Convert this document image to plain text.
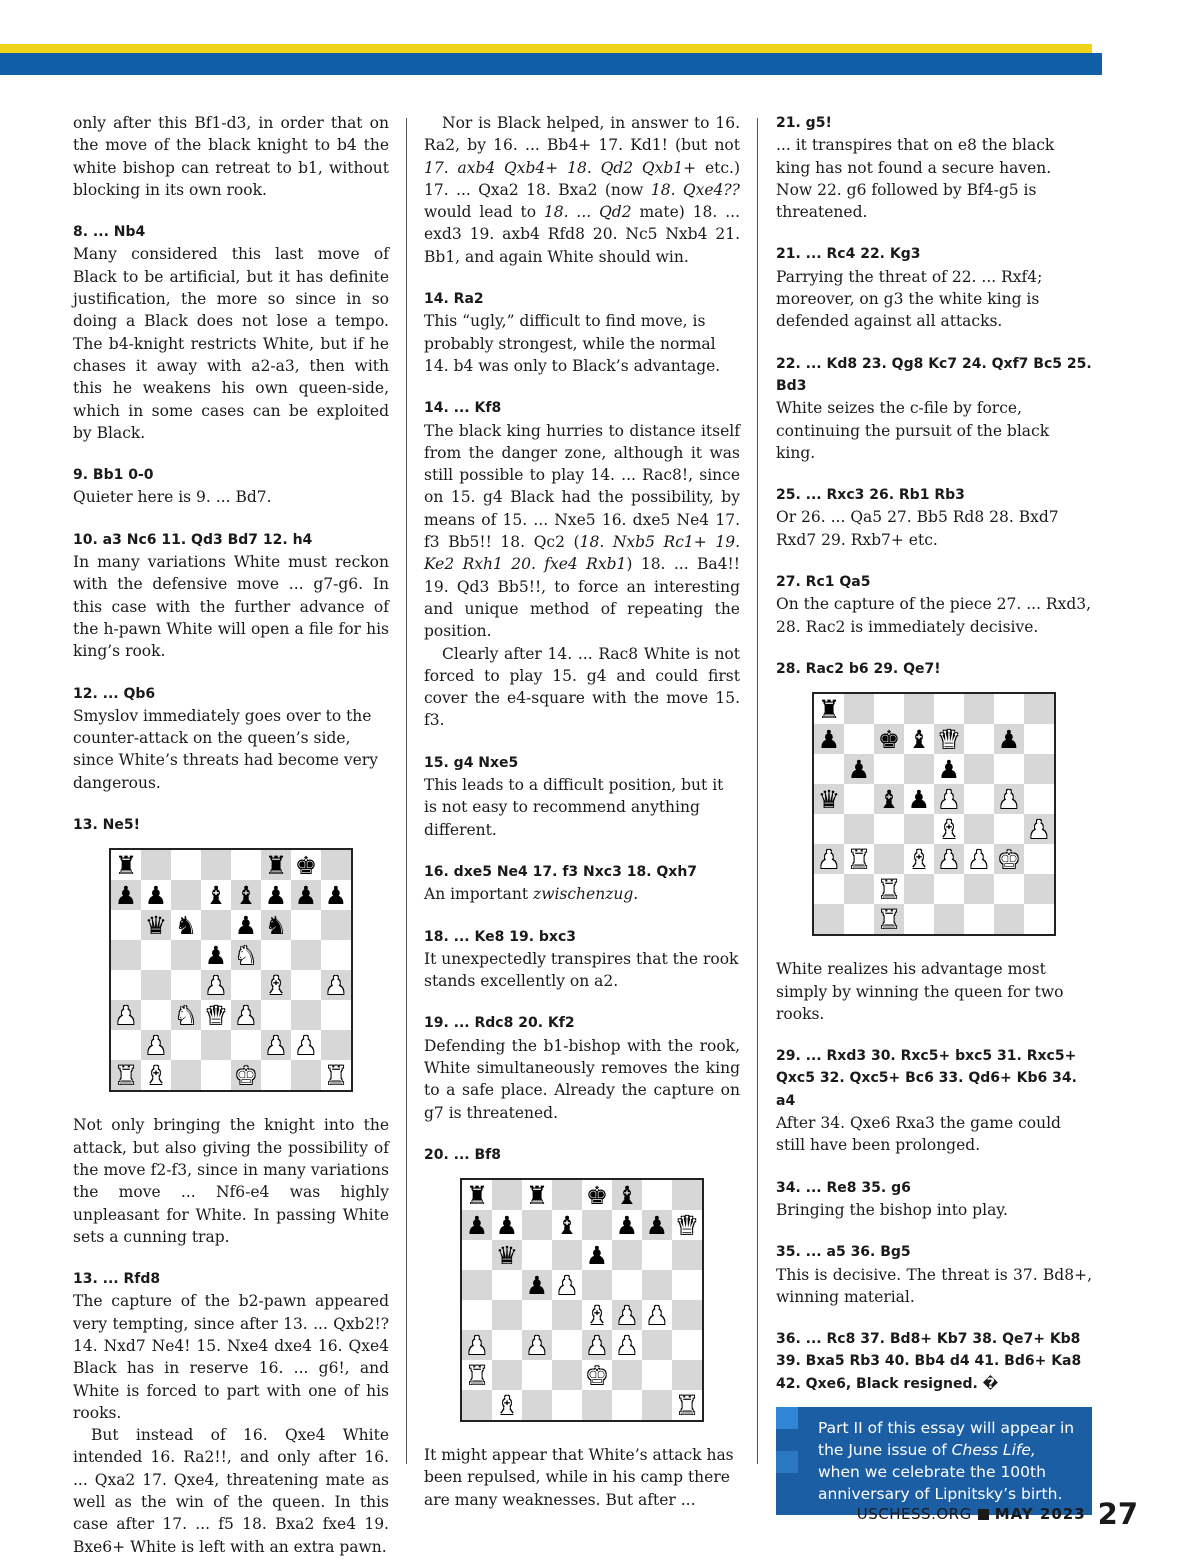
only after this Bf1-d3, in order that on the move of the black knight to b4 the white bishop can retreat to b1, without blocking in its own rook.

8. ... Nb4

Many considered this last move of Black to be artificial, but it has definite justification, the more so since in so doing a Black does not lose a tempo. The b4-knight restricts White, but if he chases it away with a2-a3, then with this he weakens his own queen-side, which in some cases can be exploited by Black.

9. Bb1 0-0

Quieter here is 9. ... Bd7.

10. a3 Nc6 11. Qd3 Bd7 12. h4

In many variations White must reckon with the defensive move ... g7-g6. In this case with the further advance of the h-pawn White will open a file for his king’s rook.

12. ... Qb6

Smyslov immediately goes over to the counter-attack on the queen’s side, since White’s threats had become very dangerous.

13. Ne5!

♜	♜ ♚
♟ ♟ ♝ ♝ ♟ ♟ ♟
♛ ♞ ♟ ♞
♟ ♞
♟ ♝ ♟
♟ ♞ ♛ ♟
♟	♟ ♟
♜ ♝	♚	♜

Not only bringing the knight into the attack, but also giving the possibility of the move f2-f3, since in many variations the move ... Nf6-e4 was highly unpleasant for White. In passing White sets a cunning trap.

13. ... Rfd8

The capture of the b2-pawn appeared very tempting, since after 13. ... Qxb2!? 14. Nxd7 Ne4! 15. Nxe4 dxe4 16. Qxe4 Black has in reserve 16. ... g6!, and White is forced to part with one of his rooks.

But instead of 16. Qxe4 White intended 16. Ra2!!, and only after 16. ... Qxa2 17. Qxe4, threatening mate as well as the win of the queen. In this case after 17. ... f5 18. Bxa2 fxe4 19. Bxe6+ White is left with an extra pawn.

Nor is Black helped, in answer to 16. Ra2, by 16. ... Bb4+ 17. Kd1! (but not 17. axb4 Qxb4+ 18. Qd2 Qxb1+ etc.) 17. ... Qxa2 18. Bxa2 (now 18. Qxe4?? would lead to 18. ... Qd2 mate) 18. ... exd3 19. axb4 Rfd8 20. Nc5 Nxb4 21. Bb1, and again White should win.

14. Ra2

This “ugly,” difficult to find move, is probably strongest, while the normal 14. b4 was only to Black’s advantage.

14. ... Kf8

The black king hurries to distance itself from the danger zone, although it was still possible to play 14. ... Rac8!, since on 15. g4 Black had the possibility, by means of 15. ... Nxe5 16. dxe5 Ne4 17. f3 Bb5!! 18. Qc2 (18. Nxb5 Rc1+ 19. Ke2 Rxh1 20. fxe4 Rxb1) 18. ... Ba4!! 19. Qd3 Bb5!!, to force an interesting and unique method of repeating the position.

Clearly after 14. ... Rac8 White is not forced to play 15. g4 and could first cover the e4-square with the move 15. f3.

15. g4 Nxe5

This leads to a difficult position, but it is not easy to recommend anything different.

16. dxe5 Ne4 17. f3 Nxc3 18. Qxh7

An important zwischenzug.

18. ... Ke8 19. bxc3

It unexpectedly transpires that the rook stands excellently on a2.

19. ... Rdc8 20. Kf2

Defending the b1-bishop with the rook, White simultaneously removes the king to a safe place. Already the capture on g7 is threatened.

20. ... Bf8

♜ ♜ ♚ ♝
♟ ♟ ♝ ♟ ♟ ♛
♛	♟
♟ ♟
♝ ♟ ♟
♟ ♟ ♟ ♟
♜	♚
♝	♜

It might appear that White’s attack has been repulsed, while in his camp there are many weaknesses. But after ...

21. g5!

... it transpires that on e8 the black king has not found a secure haven. Now 22. g6 followed by Bf4-g5 is threatened.

21. ... Rc4 22. Kg3

Parrying the threat of 22. ... Rxf4; moreover, on g3 the white king is defended against all attacks.

22. ... Kd8 23. Qg8 Kc7 24. Qxf7 Bc5 25. Bd3

White seizes the c-file by force, continuing the pursuit of the black king.

25. ... Rxc3 26. Rb1 Rb3

Or 26. ... Qa5 27. Bb5 Rd8 28. Bxd7 Rxd7 29. Rxb7+ etc.

27. Rc1 Qa5

On the capture of the piece 27. ... Rxd3, 28. Rac2 is immediately decisive.

28. Rac2 b6 29. Qe7!

♜
♟ ♚ ♝ ♛ ♟
♟	♟
♛ ♝ ♟ ♟ ♟
♝	♟
♟ ♜ ♝ ♟ ♟ ♚
♜
♜

White realizes his advantage most simply by winning the queen for two rooks.

29. ... Rxd3 30. Rxc5+ bxc5 31. Rxc5+ Qxc5 32. Qxc5+ Bc6 33. Qd6+ Kb6 34. a4

After 34. Qxe6 Rxa3 the game could still have been prolonged.

34. ... Re8 35. g6

Bringing the bishop into play.

35. ... a5 36. Bg5

This is decisive. The threat is 37. Bd8+, winning material.

36. ... Rc8 37. Bd8+ Kb7 38. Qe7+ Kb8 39. Bxa5 Rb3 40. Bb4 d4 41. Bd6+ Ka8 42. Qxe6, Black resigned. �

Part II of this essay will appear in the June issue of Chess Life, when we celebrate the 100th anniversary of Lipnitsky’s birth.
USCHESS.ORG MAY 2023 27
